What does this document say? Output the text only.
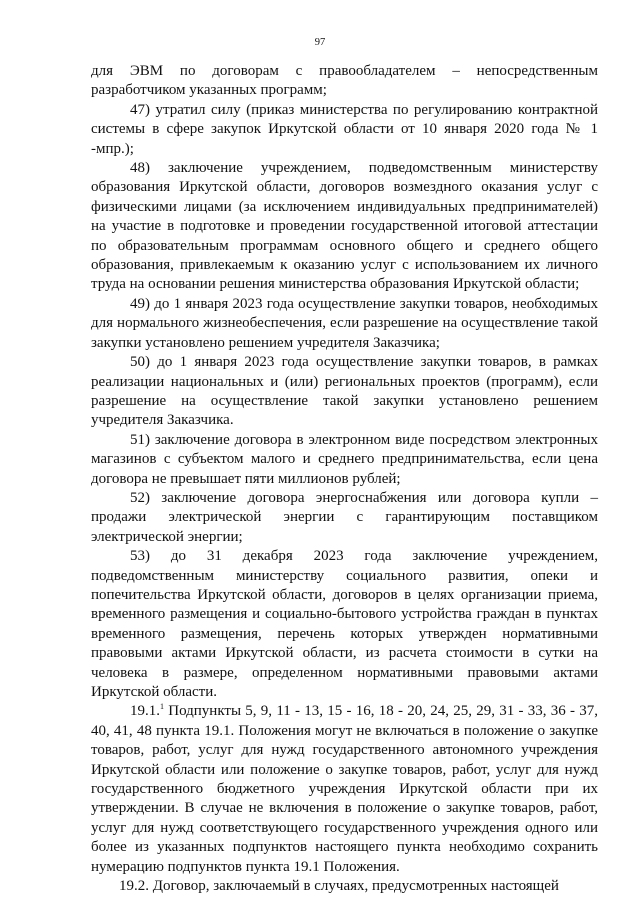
97

для ЭВМ по договорам с правообладателем – непосредственным разработчиком указанных программ;

47) утратил силу (приказ министерства по регулированию контрактной системы в сфере закупок Иркутской области от 10 января 2020 года № 1 -мпр.);

48) заключение учреждением, подведомственным министерству образования Иркутской области, договоров возмездного оказания услуг с физическими лицами (за исключением индивидуальных предпринимателей) на участие в подготовке и проведении государственной итоговой аттестации по образовательным программам основного общего и среднего общего образования, привлекаемым к оказанию услуг с использованием их личного труда на основании решения министерства образования Иркутской области;

49) до 1 января 2023 года осуществление закупки товаров, необходимых для нормального жизнеобеспечения, если разрешение на осуществление такой закупки установлено решением учредителя Заказчика;

50) до 1 января 2023 года осуществление закупки товаров, в рамках реализации национальных и (или) региональных проектов (программ), если разрешение на осуществление такой закупки установлено решением учредителя Заказчика.

51) заключение договора в электронном виде посредством электронных магазинов с субъектом малого и среднего предпринимательства, если цена договора не превышает пяти миллионов рублей;

52) заключение договора энергоснабжения или договора купли – продажи электрической энергии с гарантирующим поставщиком электрической энергии;

53) до 31 декабря 2023 года заключение учреждением, подведомственным министерству социального развития, опеки и попечительства Иркутской области, договоров в целях организации приема, временного размещения и социально-бытового устройства граждан в пунктах временного размещения, перечень которых утвержден нормативными правовыми актами Иркутской области, из расчета стоимости в сутки на человека в размере, определенном нормативными правовыми актами Иркутской области.

19.1.$^1$ Подпункты 5, 9, 11 - 13, 15 - 16, 18 - 20, 24, 25, 29, 31 - 33, 36 - 37, 40, 41, 48 пункта 19.1. Положения могут не включаться в положение о закупке товаров, работ, услуг для нужд государственного автономного учреждения Иркутской области или положение о закупке товаров, работ, услуг для нужд государственного бюджетного учреждения Иркутской области при их утверждении. В случае не включения в положение о закупке товаров, работ, услуг для нужд соответствующего государственного учреждения одного или более из указанных подпунктов настоящего пункта необходимо сохранить нумерацию подпунктов пункта 19.1 Положения.

19.2. Договор, заключаемый в случаях, предусмотренных настоящей
